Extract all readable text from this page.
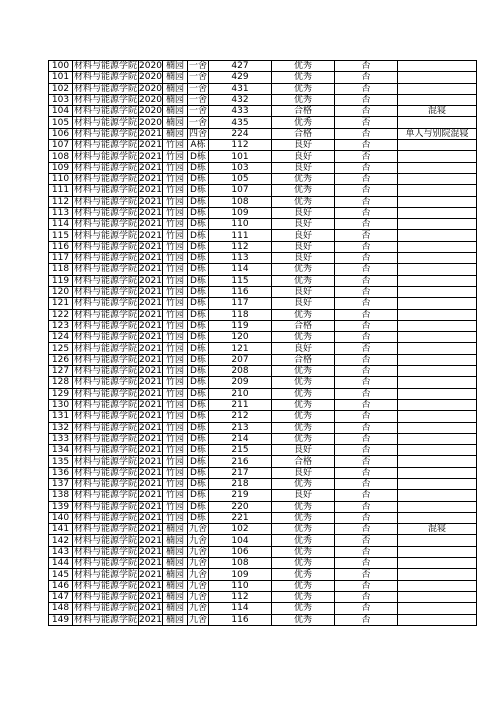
100	材料与能源学院	2020	楠园	一舍	427	优秀	否	
101	材料与能源学院	2020	楠园	一舍	429	优秀	否	
102	材料与能源学院	2020	楠园	一舍	431	优秀	否	
103	材料与能源学院	2020	楠园	一舍	432	优秀	否	
104	材料与能源学院	2020	楠园	一舍	433	合格	否	混寝
105	材料与能源学院	2020	楠园	一舍	435	优秀	否	
106	材料与能源学院	2021	楠园	四舍	224	合格	否	单人与别院混寝
107	材料与能源学院	2021	竹园	A栋	112	良好	否	
108	材料与能源学院	2021	竹园	D栋	101	良好	否	
109	材料与能源学院	2021	竹园	D栋	103	良好	否	
110	材料与能源学院	2021	竹园	D栋	105	优秀	否	
111	材料与能源学院	2021	竹园	D栋	107	优秀	否	
112	材料与能源学院	2021	竹园	D栋	108	优秀	否	
113	材料与能源学院	2021	竹园	D栋	109	良好	否	
114	材料与能源学院	2021	竹园	D栋	110	良好	否	
115	材料与能源学院	2021	竹园	D栋	111	良好	否	
116	材料与能源学院	2021	竹园	D栋	112	良好	否	
117	材料与能源学院	2021	竹园	D栋	113	良好	否	
118	材料与能源学院	2021	竹园	D栋	114	优秀	否	
119	材料与能源学院	2021	竹园	D栋	115	优秀	否	
120	材料与能源学院	2021	竹园	D栋	116	良好	否	
121	材料与能源学院	2021	竹园	D栋	117	良好	否	
122	材料与能源学院	2021	竹园	D栋	118	优秀	否	
123	材料与能源学院	2021	竹园	D栋	119	合格	否	
124	材料与能源学院	2021	竹园	D栋	120	优秀	否	
125	材料与能源学院	2021	竹园	D栋	121	良好	否	
126	材料与能源学院	2021	竹园	D栋	207	合格	否	
127	材料与能源学院	2021	竹园	D栋	208	优秀	否	
128	材料与能源学院	2021	竹园	D栋	209	优秀	否	
129	材料与能源学院	2021	竹园	D栋	210	优秀	否	
130	材料与能源学院	2021	竹园	D栋	211	优秀	否	
131	材料与能源学院	2021	竹园	D栋	212	优秀	否	
132	材料与能源学院	2021	竹园	D栋	213	优秀	否	
133	材料与能源学院	2021	竹园	D栋	214	优秀	否	
134	材料与能源学院	2021	竹园	D栋	215	良好	否	
135	材料与能源学院	2021	竹园	D栋	216	合格	否	
136	材料与能源学院	2021	竹园	D栋	217	良好	否	
137	材料与能源学院	2021	竹园	D栋	218	优秀	否	
138	材料与能源学院	2021	竹园	D栋	219	良好	否	
139	材料与能源学院	2021	竹园	D栋	220	优秀	否	
140	材料与能源学院	2021	竹园	D栋	221	优秀	否	
141	材料与能源学院	2021	楠园	九舍	102	优秀	否	混寝
142	材料与能源学院	2021	楠园	九舍	104	优秀	否	
143	材料与能源学院	2021	楠园	九舍	106	优秀	否	
144	材料与能源学院	2021	楠园	九舍	108	优秀	否	
145	材料与能源学院	2021	楠园	九舍	109	优秀	否	
146	材料与能源学院	2021	楠园	九舍	110	优秀	否	
147	材料与能源学院	2021	楠园	九舍	112	优秀	否	
148	材料与能源学院	2021	楠园	九舍	114	优秀	否	
149	材料与能源学院	2021	楠园	九舍	116	优秀	否	
